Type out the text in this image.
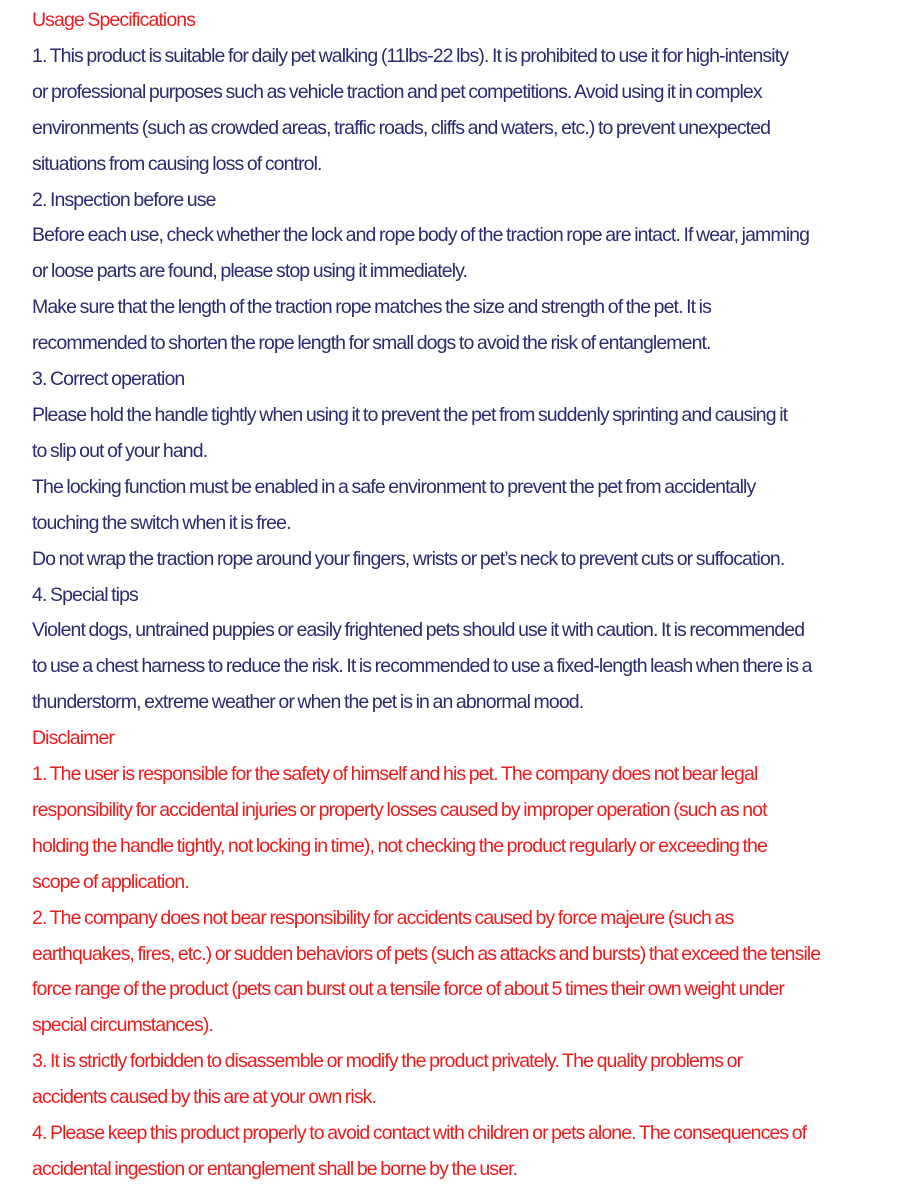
Usage Specifications
1. This product is suitable for daily pet walking (11lbs-22 lbs). It is prohibited to use it for high-intensity
or professional purposes such as vehicle traction and pet competitions. Avoid using it in complex
environments (such as crowded areas, traffic roads, cliffs and waters, etc.) to prevent unexpected
situations from causing loss of control.
2. Inspection before use
Before each use, check whether the lock and rope body of the traction rope are intact. If wear, jamming
or loose parts are found, please stop using it immediately.
Make sure that the length of the traction rope matches the size and strength of the pet. It is
recommended to shorten the rope length for small dogs to avoid the risk of entanglement.
3. Correct operation
Please hold the handle tightly when using it to prevent the pet from suddenly sprinting and causing it
to slip out of your hand.
The locking function must be enabled in a safe environment to prevent the pet from accidentally
touching the switch when it is free.
Do not wrap the traction rope around your fingers, wrists or pet’s neck to prevent cuts or suffocation.
4. Special tips
Violent dogs, untrained puppies or easily frightened pets should use it with caution. It is recommended
to use a chest harness to reduce the risk. It is recommended to use a fixed-length leash when there is a
thunderstorm, extreme weather or when the pet is in an abnormal mood.
Disclaimer
1. The user is responsible for the safety of himself and his pet. The company does not bear legal
responsibility for accidental injuries or property losses caused by improper operation (such as not
holding the handle tightly, not locking in time), not checking the product regularly or exceeding the
scope of application.
2. The company does not bear responsibility for accidents caused by force majeure (such as
earthquakes, fires, etc.) or sudden behaviors of pets (such as attacks and bursts) that exceed the tensile
force range of the product (pets can burst out a tensile force of about 5 times their own weight under
special circumstances).
3. It is strictly forbidden to disassemble or modify the product privately. The quality problems or
accidents caused by this are at your own risk.
4. Please keep this product properly to avoid contact with children or pets alone. The consequences of
accidental ingestion or entanglement shall be borne by the user.
